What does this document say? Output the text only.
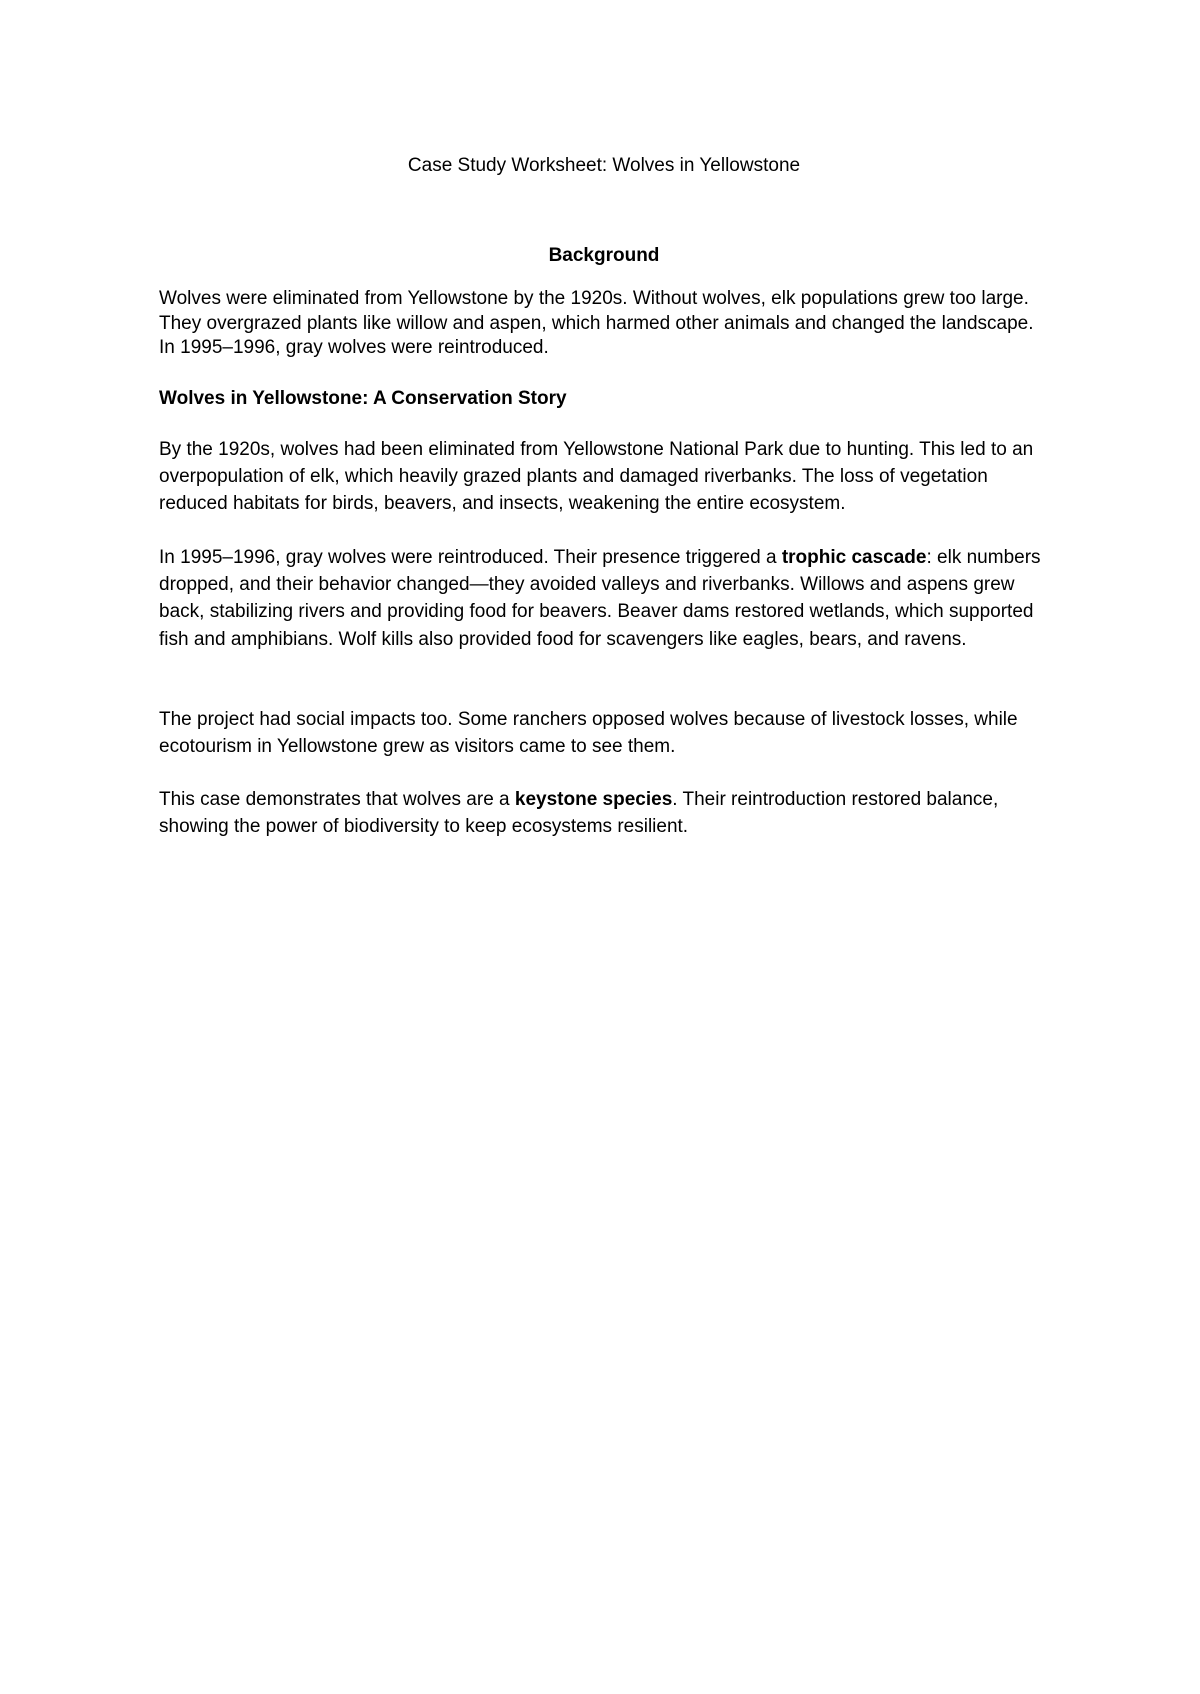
Case Study Worksheet: Wolves in Yellowstone
Background

Wolves were eliminated from Yellowstone by the 1920s. Without wolves, elk populations grew too large. They overgrazed plants like willow and aspen, which harmed other animals and changed the landscape. In 1995–1996, gray wolves were reintroduced.

Wolves in Yellowstone: A Conservation Story

By the 1920s, wolves had been eliminated from Yellowstone National Park due to hunting. This led to an overpopulation of elk, which heavily grazed plants and damaged riverbanks. The loss of vegetation reduced habitats for birds, beavers, and insects, weakening the entire ecosystem.

In 1995–1996, gray wolves were reintroduced. Their presence triggered a trophic cascade: elk numbers dropped, and their behavior changed—they avoided valleys and riverbanks. Willows and aspens grew back, stabilizing rivers and providing food for beavers. Beaver dams restored wetlands, which supported fish and amphibians. Wolf kills also provided food for scavengers like eagles, bears, and ravens.

The project had social impacts too. Some ranchers opposed wolves because of livestock losses, while ecotourism in Yellowstone grew as visitors came to see them.

This case demonstrates that wolves are a keystone species. Their reintroduction restored balance, showing the power of biodiversity to keep ecosystems resilient.
